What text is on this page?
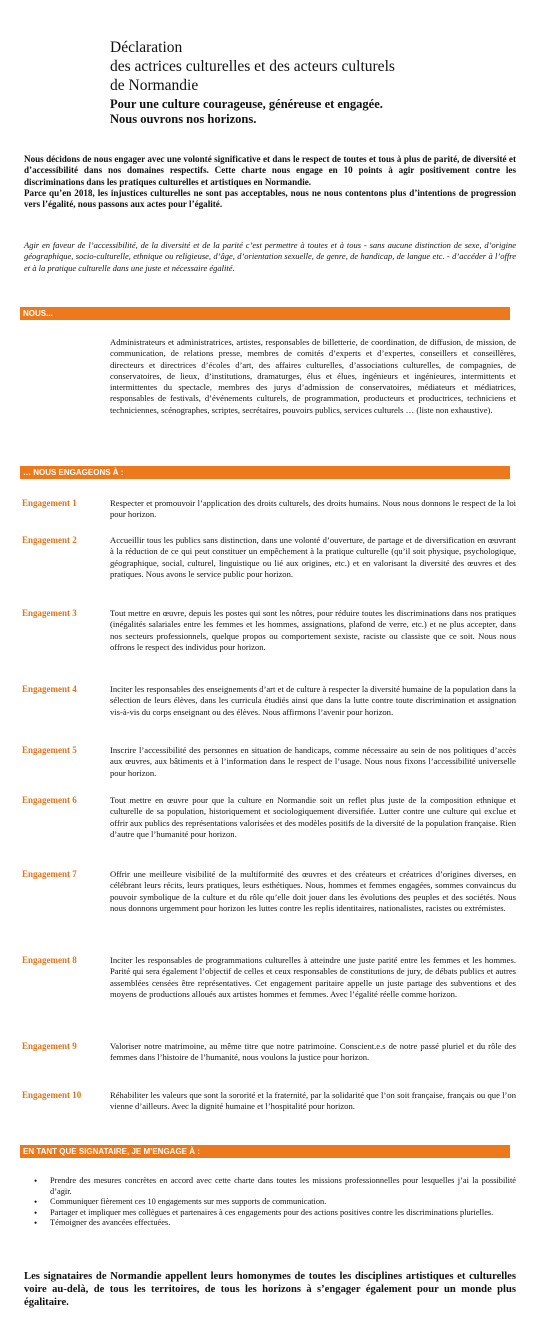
Déclaration
des actrices culturelles et des acteurs culturels
de Normandie
Pour une culture courageuse, généreuse et engagée.
Nous ouvrons nos horizons.

Nous décidons de nous engager avec une volonté significative et dans le respect de toutes et tous à plus de parité, de diversité et d’accessibilité dans nos domaines respectifs. Cette charte nous engage en 10 points à agir positivement contre les discriminations dans les pratiques culturelles et artistiques en Normandie.

Parce qu’en 2018, les injustices culturelles ne sont pas acceptables, nous ne nous contentons plus d’intentions de progression vers l’égalité, nous passons aux actes pour l’égalité.

Agir en faveur de l’accessibilité, de la diversité et de la parité c’est permettre à toutes et à tous - sans aucune distinction de sexe, d’origine géographique, socio-culturelle, ethnique ou religieuse, d’âge, d’orientation sexuelle, de genre, de handicap, de langue etc. - d’accéder à l’offre et à la pratique culturelle dans une juste et nécessaire égalité.
NOUS...
Administrateurs et administratrices, artistes, responsables de billetterie, de coordination, de diffusion, de mission, de communication, de relations presse, membres de comités d’experts et d’expertes, conseillers et conseillères, directeurs et directrices d’écoles d’art, des affaires culturelles, d’associations culturelles, de compagnies, de conservatoires, de lieux, d’institutions, dramaturges, élus et élues, ingénieurs et ingénieures, intermittents et intermittentes du spectacle, membres des jurys d’admission de conservatoires, médiateurs et médiatrices, responsables de festivals, d’événements culturels, de programmation, producteurs et productrices, techniciens et techniciennes, scénographes, scriptes, secrétaires, pouvoirs publics, services culturels … (liste non exhaustive).
… NOUS ENGAGEONS À :
Engagement 1	Respecter et promouvoir l’application des droits culturels, des droits humains. Nous nous donnons le respect de la loi pour horizon.
Engagement 2	Accueillir tous les publics sans distinction, dans une volonté d’ouverture, de partage et de diversification en œuvrant à la réduction de ce qui peut constituer un empêchement à la pratique culturelle (qu’il soit physique, psychologique, géographique, social, culturel, linguistique ou lié aux origines, etc.) et en valorisant la diversité des œuvres et des pratiques. Nous avons le service public pour horizon.
Engagement 3	Tout mettre en œuvre, depuis les postes qui sont les nôtres, pour réduire toutes les discriminations dans nos pratiques (inégalités salariales entre les femmes et les hommes, assignations, plafond de verre, etc.) et ne plus accepter, dans nos secteurs professionnels, quelque propos ou comportement sexiste, raciste ou classiste que ce soit. Nous nous offrons le respect des individus pour horizon.
Engagement 4	Inciter les responsables des enseignements d’art et de culture à respecter la diversité humaine de la population dans la sélection de leurs élèves, dans les curricula étudiés ainsi que dans la lutte contre toute discrimination et assignation vis-à-vis du corps enseignant ou des élèves. Nous affirmons l’avenir pour horizon.
Engagement 5	Inscrire l’accessibilité des personnes en situation de handicaps, comme nécessaire au sein de nos politiques d’accès aux œuvres, aux bâtiments et à l’information dans le respect de l’usage. Nous nous fixons l’accessibilité universelle pour horizon.
Engagement 6	Tout mettre en œuvre pour que la culture en Normandie soit un reflet plus juste de la composition ethnique et culturelle de sa population, historiquement et sociologiquement diversifiée. Lutter contre une culture qui exclue et offrir aux publics des représentations valorisées et des modèles positifs de la diversité de la population française. Rien d’autre que l’humanité pour horizon.
Engagement 7	Offrir une meilleure visibilité de la multiformité des œuvres et des créateurs et créatrices d’origines diverses, en célébrant leurs récits, leurs pratiques, leurs esthétiques. Nous, hommes et femmes engagées, sommes convaincus du pouvoir symbolique de la culture et du rôle qu’elle doit jouer dans les évolutions des peuples et des sociétés. Nous nous donnons urgemment pour horizon les luttes contre les replis identitaires, nationalistes, racistes ou extrémistes.
Engagement 8	Inciter les responsables de programmations culturelles à atteindre une juste parité entre les femmes et les hommes. Parité qui sera également l’objectif de celles et ceux responsables de constitutions de jury, de débats publics et autres assemblées censées être représentatives. Cet engagement paritaire appelle un juste partage des subventions et des moyens de productions alloués aux artistes hommes et femmes. Avec l’égalité réelle comme horizon.
Engagement 9	Valoriser notre matrimoine, au même titre que notre patrimoine. Conscient.e.s de notre passé pluriel et du rôle des femmes dans l’histoire de l’humanité, nous voulons la justice pour horizon.
Engagement 10	Réhabiliter les valeurs que sont la sororité et la fraternité, par la solidarité que l’on soit française, français ou que l’on vienne d’ailleurs. Avec la dignité humaine et l’hospitalité pour horizon.
EN TANT QUE SIGNATAIRE, JE M’ENGAGE À :
• Prendre des mesures concrètes en accord avec cette charte dans toutes les missions professionnelles pour lesquelles j’ai la possibilité d’agir.
• Communiquer fièrement ces 10 engagements sur mes supports de communication.
• Partager et impliquer mes collègues et partenaires à ces engagements pour des actions positives contre les discriminations plurielles.
• Témoigner des avancées effectuées.
Les signataires de Normandie appellent leurs homonymes de toutes les disciplines artistiques et culturelles voire au-delà, de tous les territoires, de tous les horizons à s’engager également pour un monde plus égalitaire.
